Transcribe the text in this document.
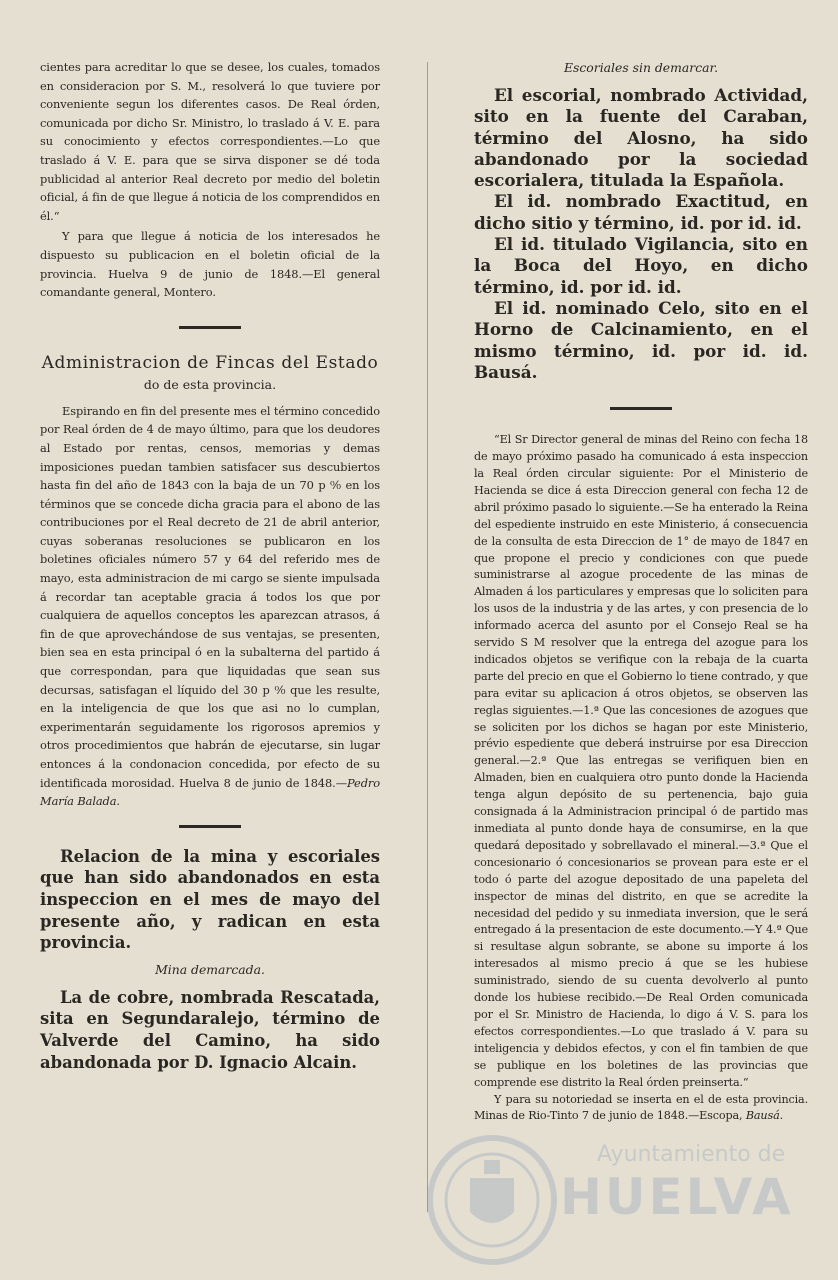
cientes para acreditar lo que se desee, los cuales, tomados en consideracion por S. M., resolverá lo que tuviere por conveniente segun los diferentes casos. De Real órden, comunicada por dicho Sr. Ministro, lo traslado á V. E. para su conocimiento y efectos correspondientes.—Lo que traslado á V. E. para que se sirva disponer se dé toda publicidad al anterior Real decreto por medio del boletin oficial, á fin de que llegue á noticia de los comprendidos en él.“

Y para que llegue á noticia de los interesados he dispuesto su publicacion en el boletin oficial de la provincia. Huelva 9 de junio de 1848.—El general comandante general, Montero.

Administracion de Fincas del Estado
do de esta provincia.

Espirando en fin del presente mes el término concedido por Real órden de 4 de mayo último, para que los deudores al Estado por rentas, censos, memorias y demas imposiciones puedan tambien satisfacer sus descubiertos hasta fin del año de 1843 con la baja de un 70 p ⁰⁄₀ en los términos que se concede dicha gracia para el abono de las contribuciones por el Real decreto de 21 de abril anterior, cuyas soberanas resoluciones se publicaron en los boletines oficiales número 57 y 64 del referido mes de mayo, esta administracion de mi cargo se siente impulsada á recordar tan aceptable gracia á todos los que por cualquiera de aquellos conceptos les aparezcan atrasos, á fin de que aprovechándose de sus ventajas, se presenten, bien sea en esta principal ó en la subalterna del partido á que correspondan, para que liquidadas que sean sus decursas, satisfagan el líquido del 30 p ⁰⁄₀ que les resulte, en la inteligencia de que los que asi no lo cumplan, experimentarán seguidamente los rigorosos apremios y otros procedimientos que habrán de ejecutarse, sin lugar entonces á la condonacion concedida, por efecto de su identificada morosidad. Huelva 8 de junio de 1848.—Pedro María Balada.

Relacion de la mina y escoriales que han sido abandonados en esta inspeccion en el mes de mayo del presente año, y radican en esta provincia.

Mina demarcada.

La de cobre, nombrada Rescatada, sita en Segundaralejo, término de Valverde del Camino, ha sido abandonada por D. Ignacio Alcain.

Escoriales sin demarcar.

El escorial, nombrado Actividad, sito en la fuente del Caraban, término del Alosno, ha sido abandonado por la sociedad escorialera, titulada la Española.

El id. nombrado Exactitud, en dicho sitio y término, id. por id. id.

El id. titulado Vigilancia, sito en la Boca del Hoyo, en dicho término, id. por id. id.

El id. nominado Celo, sito en el Horno de Calcinamiento, en el mismo término, id. por id. id. Bausá.

“El Sr Director general de minas del Reino con fecha 18 de mayo próximo pasado ha comunicado á esta inspeccion la Real órden circular siguiente: Por el Ministerio de Hacienda se dice á esta Direccion general con fecha 12 de abril próximo pasado lo siguiente.—Se ha enterado la Reina del espediente instruido en este Ministerio, á consecuencia de la consulta de esta Direccion de 1° de mayo de 1847 en que propone el precio y condiciones con que puede suministrarse al azogue procedente de las minas de Almaden á los particulares y empresas que lo soliciten para los usos de la industria y de las artes, y con presencia de lo informado acerca del asunto por el Consejo Real se ha servido S M resolver que la entrega del azogue para los indicados objetos se verifique con la rebaja de la cuarta parte del precio en que el Gobierno lo tiene contrado, y que para evitar su aplicacion á otros objetos, se observen las reglas siguientes.—1.ª Que las concesiones de azogues que se soliciten por los dichos se hagan por este Ministerio, prévio espediente que deberá instruirse por esa Direccion general.—2.ª Que las entregas se verifiquen bien en Almaden, bien en cualquiera otro punto donde la Hacienda tenga algun depósito de su pertenencia, bajo guia consignada á la Administracion principal ó de partido mas inmediata al punto donde haya de consumirse, en la que quedará depositado y sobrellavado el mineral.—3.ª Que el concesionario ó concesionarios se provean para este er el todo ó parte del azogue depositado de una papeleta del inspector de minas del distrito, en que se acredite la necesidad del pedido y su inmediata inversion, que le será entregado á la presentacion de este documento.—Y 4.ª Que si resultase algun sobrante, se abone su importe á los interesados al mismo precio á que se les hubiese suministrado, siendo de su cuenta devolverlo al punto donde los hubiese recibido.—De Real Orden comunicada por el Sr. Ministro de Hacienda, lo digo á V. S. para los efectos correspondientes.—Lo que traslado á V. para su inteligencia y debidos efectos, y con el fin tambien de que se publique en los boletines de las provincias que comprende ese distrito la Real órden preinserta.“

Y para su notoriedad se inserta en el de esta provincia. Minas de Rio-Tinto 7 de junio de 1848.—Escopa, Bausá.

Ayuntamiento de
HUELVA
